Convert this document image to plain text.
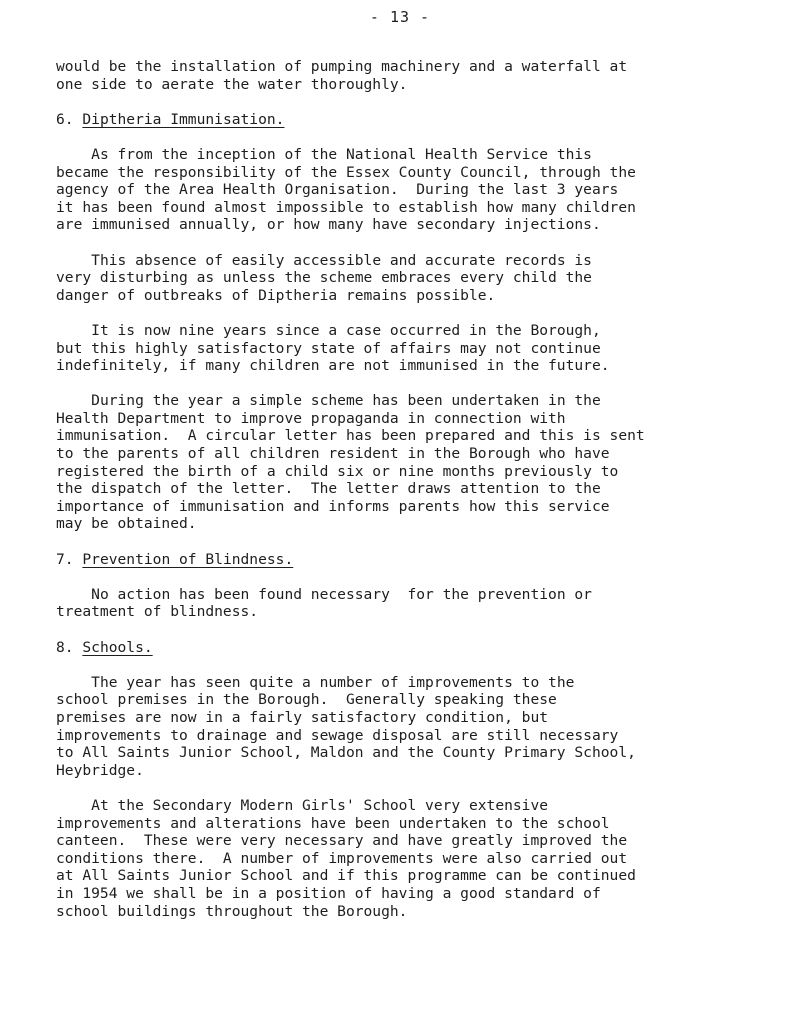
- 13 -
would be the installation of pumping machinery and a waterfall at
one side to aerate the water thoroughly.
6. Diptheria Immunisation.
As from the inception of the National Health Service this
became the responsibility of the Essex County Council, through the
agency of the Area Health Organisation.  During the last 3 years
it has been found almost impossible to establish how many children
are immunised annually, or how many have secondary injections.
This absence of easily accessible and accurate records is
very disturbing as unless the scheme embraces every child the
danger of outbreaks of Diptheria remains possible.
It is now nine years since a case occurred in the Borough,
but this highly satisfactory state of affairs may not continue
indefinitely, if many children are not immunised in the future.
During the year a simple scheme has been undertaken in the
Health Department to improve propaganda in connection with
immunisation.  A circular letter has been prepared and this is sent
to the parents of all children resident in the Borough who have
registered the birth of a child six or nine months previously to
the dispatch of the letter.  The letter draws attention to the
importance of immunisation and informs parents how this service
may be obtained.
7. Prevention of Blindness.
No action has been found necessary  for the prevention or
treatment of blindness.
8. Schools.
The year has seen quite a number of improvements to the
school premises in the Borough.  Generally speaking these
premises are now in a fairly satisfactory condition, but
improvements to drainage and sewage disposal are still necessary
to All Saints Junior School, Maldon and the County Primary School,
Heybridge.
At the Secondary Modern Girls' School very extensive
improvements and alterations have been undertaken to the school
canteen.  These were very necessary and have greatly improved the
conditions there.  A number of improvements were also carried out
at All Saints Junior School and if this programme can be continued
in 1954 we shall be in a position of having a good standard of
school buildings throughout the Borough.
